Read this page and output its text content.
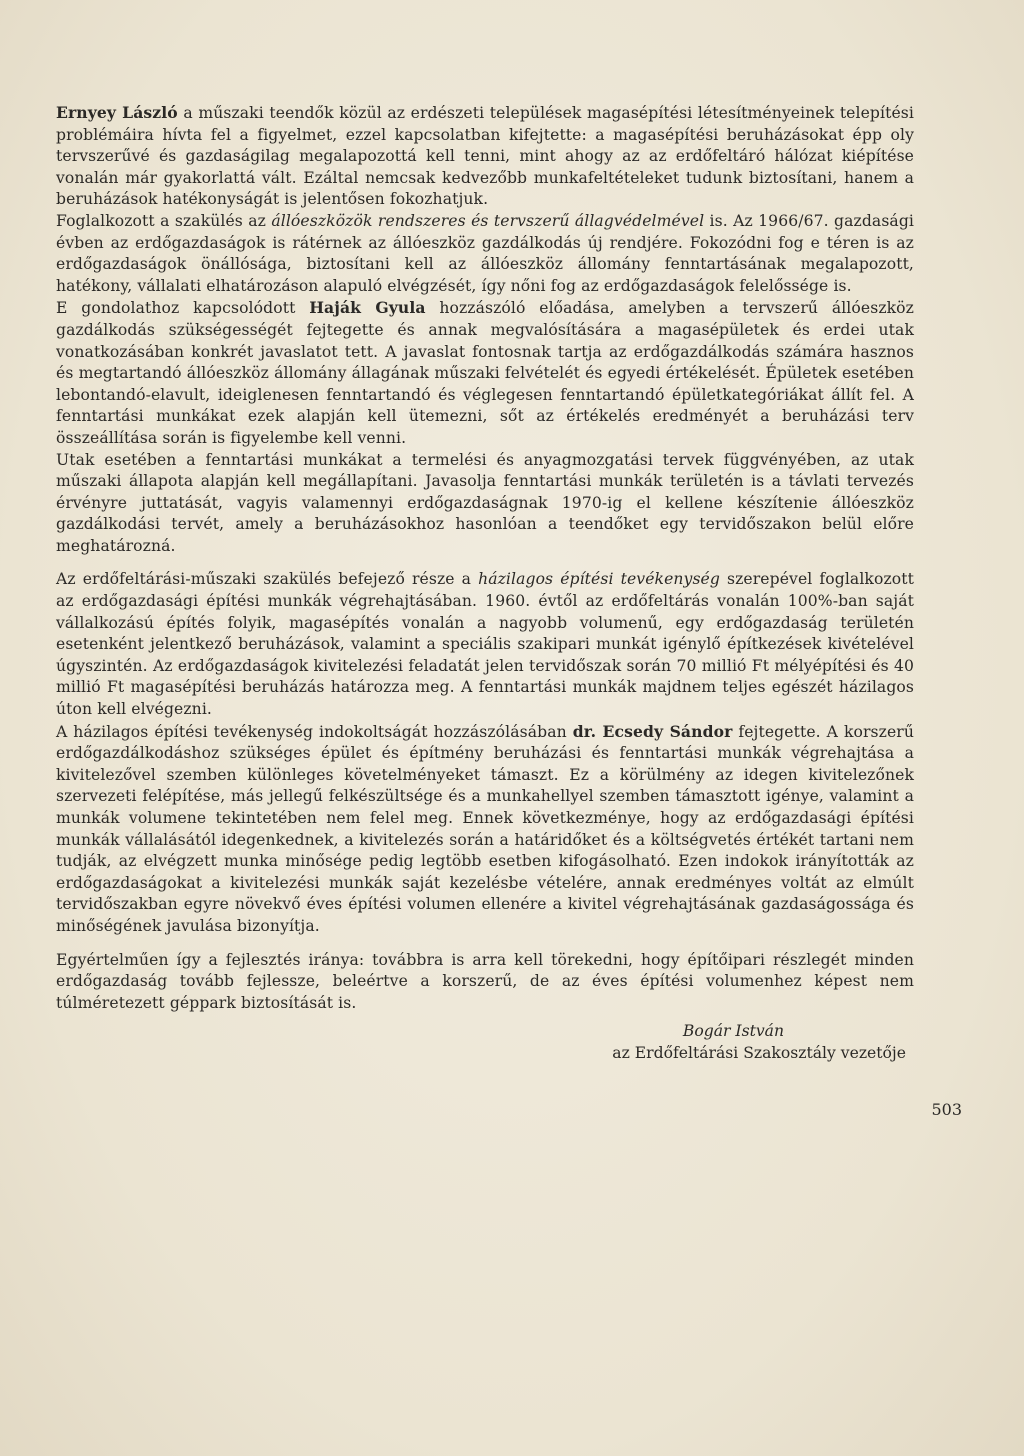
Ernyey László a műszaki teendők közül az erdészeti települések magasépítési létesítményeinek telepítési problémáira hívta fel a figyelmet, ezzel kapcsolatban kifejtette: a magasépítési beruházásokat épp oly tervszerűvé és gazdaságilag megalapozottá kell tenni, mint ahogy az az erdőfeltáró hálózat kiépítése vonalán már gyakorlattá vált. Ezáltal nemcsak kedvezőbb munkafeltételeket tudunk biztosítani, hanem a beruházások hatékonyságát is jelentősen fokozhatjuk.

Foglalkozott a szakülés az állóeszközök rendszeres és tervszerű állagvédelmével is. Az 1966/67. gazdasági évben az erdőgazdaságok is rátérnek az állóeszköz gazdálkodás új rendjére. Fokozódni fog e téren is az erdőgazdaságok önállósága, biztosítani kell az állóeszköz állomány fenntartásának megalapozott, hatékony, vállalati elhatározáson alapuló elvégzését, így nőni fog az erdőgazdaságok felelőssége is.

E gondolathoz kapcsolódott Haják Gyula hozzászóló előadása, amelyben a tervszerű állóeszköz gazdálkodás szükségességét fejtegette és annak megvalósítására a magasépületek és erdei utak vonatkozásában konkrét javaslatot tett. A javaslat fontosnak tartja az erdőgazdálkodás számára hasznos és megtartandó állóeszköz állomány állagának műszaki felvételét és egyedi értékelését. Épületek esetében lebontandó-elavult, ideiglenesen fenntartandó és véglegesen fenntartandó épületkategóriákat állít fel. A fenntartási munkákat ezek alapján kell ütemezni, sőt az értékelés eredményét a beruházási terv összeállítása során is figyelembe kell venni.

Utak esetében a fenntartási munkákat a termelési és anyagmozgatási tervek függvényében, az utak műszaki állapota alapján kell megállapítani. Javasolja fenntartási munkák területén is a távlati tervezés érvényre juttatását, vagyis valamennyi erdőgazdaságnak 1970-ig el kellene készítenie állóeszköz gazdálkodási tervét, amely a beruházásokhoz hasonlóan a teendőket egy tervidőszakon belül előre meghatározná.

Az erdőfeltárási-műszaki szakülés befejező része a házilagos építési tevékenység szerepével foglalkozott az erdőgazdasági építési munkák végrehajtásában. 1960. évtől az erdőfeltárás vonalán 100%-ban saját vállalkozású építés folyik, magasépítés vonalán a nagyobb volumenű, egy erdőgazdaság területén esetenként jelentkező beruházások, valamint a speciális szakipari munkát igénylő építkezések kivételével úgyszintén. Az erdőgazdaságok kivitelezési feladatát jelen tervidőszak során 70 millió Ft mélyépítési és 40 millió Ft magasépítési beruházás határozza meg. A fenntartási munkák majdnem teljes egészét házilagos úton kell elvégezni.

A házilagos építési tevékenység indokoltságát hozzászólásában dr. Ecsedy Sándor fejtegette. A korszerű erdőgazdálkodáshoz szükséges épület és építmény beruházási és fenntartási munkák végrehajtása a kivitelezővel szemben különleges követelményeket támaszt. Ez a körülmény az idegen kivitelezőnek szervezeti felépítése, más jellegű felkészültsége és a munkahellyel szemben támasztott igénye, valamint a munkák volumene tekintetében nem felel meg. Ennek következménye, hogy az erdőgazdasági építési munkák vállalásától idegenkednek, a kivitelezés során a határidőket és a költségvetés értékét tartani nem tudják, az elvégzett munka minősége pedig legtöbb esetben kifogásolható. Ezen indokok irányították az erdőgazdaságokat a kivitelezési munkák saját kezelésbe vételére, annak eredményes voltát az elmúlt tervidőszakban egyre növekvő éves építési volumen ellenére a kivitel végrehajtásának gazdaságossága és minőségének javulása bizonyítja.

Egyértelműen így a fejlesztés iránya: továbbra is arra kell törekedni, hogy építőipari részlegét minden erdőgazdaság tovább fejlessze, beleértve a korszerű, de az éves építési volumenhez képest nem túlméretezett géppark biztosítását is.

Bogár István
az Erdőfeltárási Szakosztály vezetője
503
